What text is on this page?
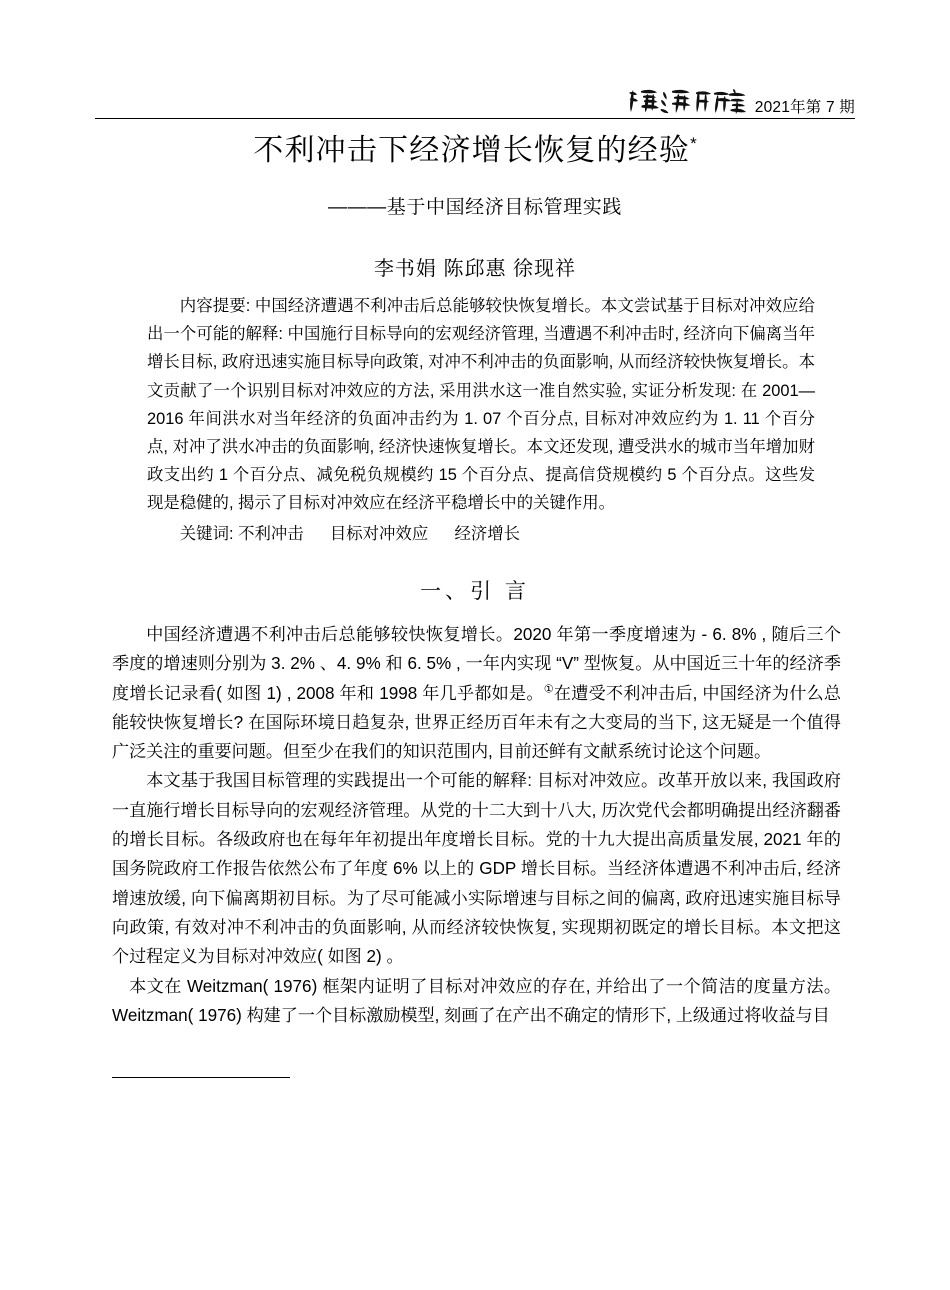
2021年第 7 期
不利冲击下经济增长恢复的经验*
———基于中国经济目标管理实践
李书娟 陈邱惠 徐现祥

内容提要: 中国经济遭遇不利冲击后总能够较快恢复增长。本文尝试基于目标对冲效应给出一个可能的解释: 中国施行目标导向的宏观经济管理, 当遭遇不利冲击时, 经济向下偏离当年增长目标, 政府迅速实施目标导向政策, 对冲不利冲击的负面影响, 从而经济较快恢复增长。本文贡献了一个识别目标对冲效应的方法, 采用洪水这一准自然实验, 实证分析发现: 在 2001—2016 年间洪水对当年经济的负面冲击约为 1. 07 个百分点, 目标对冲效应约为 1. 11 个百分点, 对冲了洪水冲击的负面影响, 经济快速恢复增长。本文还发现, 遭受洪水的城市当年增加财政支出约 1 个百分点、减免税负规模约 15 个百分点、提高信贷规模约 5 个百分点。这些发现是稳健的, 揭示了目标对冲效应在经济平稳增长中的关键作用。

关键词: 不利冲击 目标对冲效应 经济增长

一、引 言

中国经济遭遇不利冲击后总能够较快恢复增长。2020 年第一季度增速为 ‐ 6. 8% , 随后三个季度的增速则分别为 3. 2% 、4. 9% 和 6. 5% , 一年内实现 “V” 型恢复。从中国近三十年的经济季度增长记录看( 如图 1) , 2008 年和 1998 年几乎都如是。①在遭受不利冲击后, 中国经济为什么总能较快恢复增长? 在国际环境日趋复杂, 世界正经历百年未有之大变局的当下, 这无疑是一个值得广泛关注的重要问题。但至少在我们的知识范围内, 目前还鲜有文献系统讨论这个问题。

本文基于我国目标管理的实践提出一个可能的解释: 目标对冲效应。改革开放以来, 我国政府一直施行增长目标导向的宏观经济管理。从党的十二大到十八大, 历次党代会都明确提出经济翻番的增长目标。各级政府也在每年年初提出年度增长目标。党的十九大提出高质量发展, 2021 年的国务院政府工作报告依然公布了年度 6% 以上的 GDP 增长目标。当经济体遭遇不利冲击后, 经济增速放缓, 向下偏离期初目标。为了尽可能减小实际增速与目标之间的偏离, 政府迅速实施目标导向政策, 有效对冲不利冲击的负面影响, 从而经济较快恢复, 实现期初既定的增长目标。本文把这个过程定义为目标对冲效应( 如图 2) 。

本文在 Weitzman( 1976) 框架内证明了目标对冲效应的存在, 并给出了一个简洁的度量方法。Weitzman( 1976) 构建了一个目标激励模型, 刻画了在产出不确定的情形下, 上级通过将收益与目
